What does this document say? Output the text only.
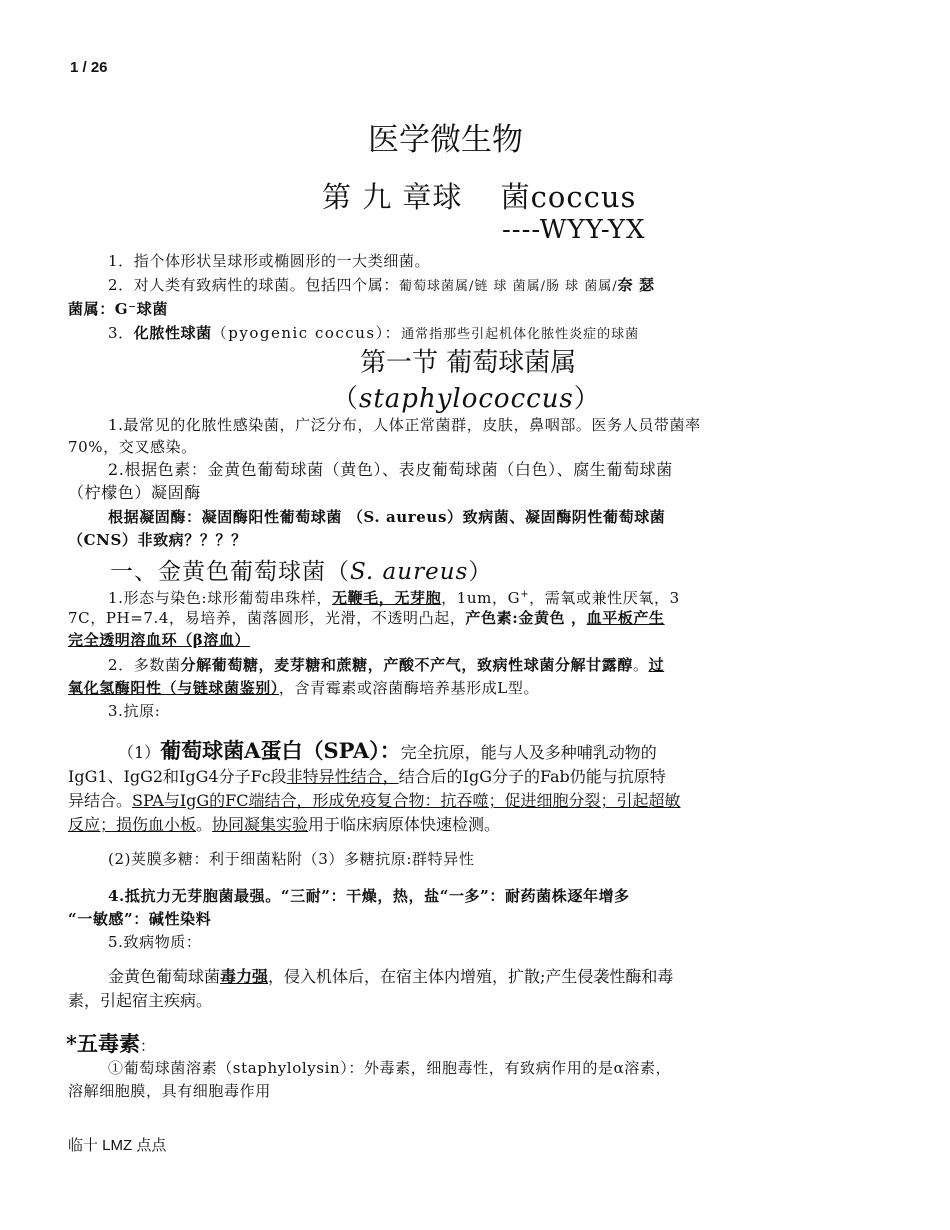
1 / 26
医学微生物
第 九 章球 菌coccus
----WYY-YX
1．指个体形状呈球形或椭圆形的一大类细菌。
2．对人类有致病性的球菌。包括四个属：葡萄球菌属/链 球 菌属/肠 球 菌属/奈 瑟
菌属：G⁻球菌
3．化脓性球菌（pyogenic coccus）：通常指那些引起机体化脓性炎症的球菌
第一节 葡萄球菌属
（staphylococcus）
1.最常见的化脓性感染菌，广泛分布，人体正常菌群，皮肤，鼻咽部。医务人员带菌率
70%，交叉感染。
2.根据色素：金黄色葡萄球菌（黄色）、表皮葡萄球菌（白色）、腐生葡萄球菌
（柠檬色）凝固酶
根据凝固酶：凝固酶阳性葡萄球菌 （S. aureus）致病菌、凝固酶阴性葡萄球菌
（CNS）非致病？？？？
一、金黄色葡萄球菌（S. aureus）
1.形态与染色:球形葡萄串珠样，无鞭毛，无芽胞，1um，G+，需氧或兼性厌氧，3
7C，PH=7.4，易培养，菌落圆形，光滑，不透明凸起，产色素:金黄色 ，血平板产生
完全透明溶血环（β溶血）
2．多数菌分解葡萄糖，麦芽糖和蔗糖，产酸不产气，致病性球菌分解甘露醇。过
氧化氢酶阳性（与链球菌鉴别），含青霉素或溶菌酶培养基形成L型。
3.抗原:
（1）葡萄球菌A蛋白（SPA）：完全抗原，能与人及多种哺乳动物的
IgG1、IgG2和IgG4分子Fc段非特异性结合，结合后的IgG分子的Fab仍能与抗原特
异结合。SPA与IgG的FC端结合，形成免疫复合物：抗吞噬；促进细胞分裂；引起超敏
反应；损伤血小板。协同凝集实验用于临床病原体快速检测。
(2)荚膜多糖：利于细菌粘附（3）多糖抗原:群特异性
4.抵抗力无芽胞菌最强。“三耐”：干燥，热，盐“一多”：耐药菌株逐年增多
“一敏感”：碱性染料
5.致病物质：
金黄色葡萄球菌毒力强，侵入机体后，在宿主体内增殖，扩散;产生侵袭性酶和毒
素，引起宿主疾病。
*五毒素：
①葡萄球菌溶素（staphylolysin）：外毒素，细胞毒性，有致病作用的是α溶素，
溶解细胞膜，具有细胞毒作用
临十 LMZ 点点
